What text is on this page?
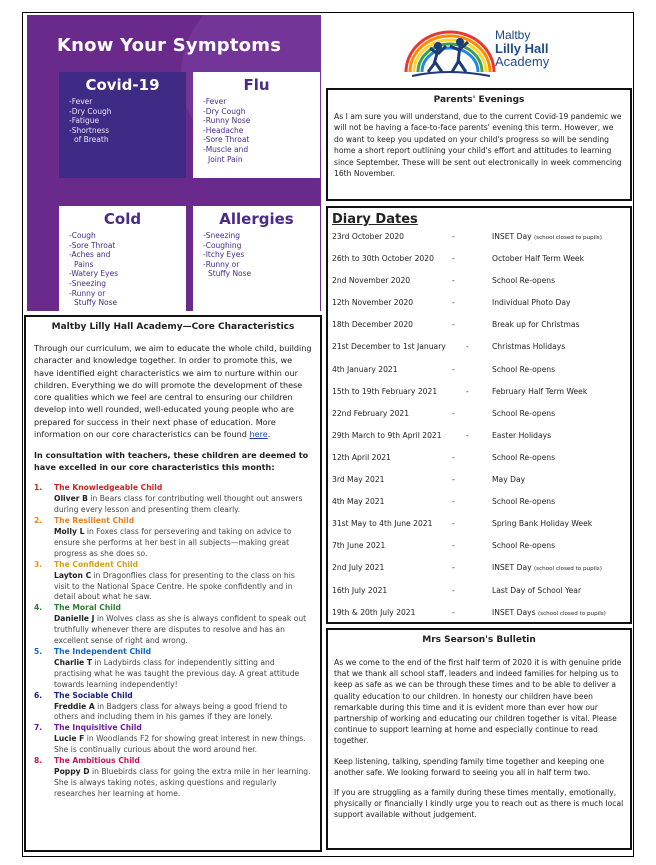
Know Your Symptoms
Covid-19
-Fever
-Dry Cough
-Fatigue
-Shortness
of Breath
Flu
-Fever
-Dry Cough
-Runny Nose
-Headache
-Sore Throat
-Muscle and
Joint Pain
Cold
-Cough
-Sore Throat
-Aches and
Pains
-Watery Eyes
-Sneezing
-Runny or
Stuffy Nose
Allergies
-Sneezing
-Coughing
-Itchy Eyes
-Runny or
Stuffy Nose
Maltby
Lilly Hall
Academy
Parents' Evenings

As I am sure you will understand, due to the current Covid-19 pandemic we will not be having a face-to-face parents' evening this term. However, we do want to keep you updated on your child's progress so will be sending home a short report outlining your child's effort and attitudes to learning since September. These will be sent out electronically in week commencing 16th November.

Diary Dates
23rd October 2020	-	INSET Day (school closed to pupils)
26th to 30th October 2020 -	October Half Term Week
2nd November 2020	-	School Re-opens
12th November 2020	-	Individual Photo Day
18th December 2020	-	Break up for Christmas
21st December to 1st January	-	Christmas Holidays
4th January 2021	-	School Re-opens
15th to 19th February 2021	-	February Half Term Week
22nd February 2021	-	School Re-opens
29th March to 9th April 2021	-	Easter Holidays
12th April 2021	-	School Re-opens
3rd May 2021	-	May Day
4th May 2021	-	School Re-opens
31st May to 4th June 2021	-	Spring Bank Holiday Week
7th June 2021	-	School Re-opens
2nd July 2021	-	INSET Day (school closed to pupils)
16th July 2021	-	Last Day of School Year
19th & 20th July 2021	-	INSET Days (school closed to pupils)
Mrs Searson's Bulletin

As we come to the end of the first half term of 2020 it is with genuine pride that we thank all school staff, leaders and indeed families for helping us to keep as safe as we can be through these times and to be able to deliver a quality education to our children. In honesty our children have been remarkable during this time and it is evident more than ever how our partnership of working and educating our children together is vital. Please continue to support learning at home and especially continue to read together.

Keep listening, talking, spending family time together and keeping one another safe. We looking forward to seeing you all in half term two.

If you are struggling as a family during these times mentally, emotionally, physically or financially I kindly urge you to reach out as there is much local support available without judgement.

Maltby Lilly Hall Academy—Core Characteristics

Through our curriculum, we aim to educate the whole child, building character and knowledge together. In order to promote this, we have identified eight characteristics we aim to nurture within our children. Everything we do will promote the development of these core qualities which we feel are central to ensuring our children develop into well rounded, well-educated young people who are prepared for success in their next phase of education. More information on our core characteristics can be found here.

In consultation with teachers, these children are deemed to have excelled in our core characteristics this month:

1. The Knowledgeable Child
Oliver B in Bears class for contributing well thought out answers during every lesson and presenting them clearly.
2. The Resilient Child
Molly L in Foxes class for persevering and taking on advice to ensure she performs at her best in all subjects—making great progress as she does so.
3. The Confident Child
Layton C in Dragonflies class for presenting to the class on his visit to the National Space Centre. He spoke confidently and in detail about what he saw.
4. The Moral Child
Danielle J in Wolves class as she is always confident to speak out truthfully whenever there are disputes to resolve and has an excellent sense of right and wrong.
5. The Independent Child
Charlie T in Ladybirds class for independently sitting and practising what he was taught the previous day. A great attitude towards learning independently!
6. The Sociable Child
Freddie A in Badgers class for always being a good friend to others and including them in his games if they are lonely.
7. The Inquisitive Child
Lucie F in Woodlands F2 for showing great interest in new things. She is continually curious about the word around her.
8. The Ambitious Child
Poppy D in Bluebirds class for going the extra mile in her learning. She is always taking notes, asking questions and regularly researches her learning at home.
